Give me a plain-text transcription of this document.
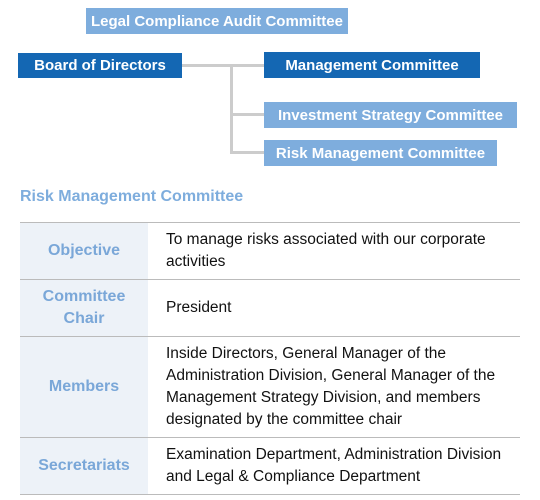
Legal Compliance Audit Committee
Board of Directors	Management Committee
Investment Strategy Committee
Risk Management Committee
Risk Management Committee
Objective	To manage risks associated with our corporate activities
Committee Chair	President
Members	Inside Directors, General Manager of the Administration Division, General Manager of the Management Strategy Division, and members designated by the committee chair
Secretariats	Examination Department, Administration Division and Legal & Compliance Department
